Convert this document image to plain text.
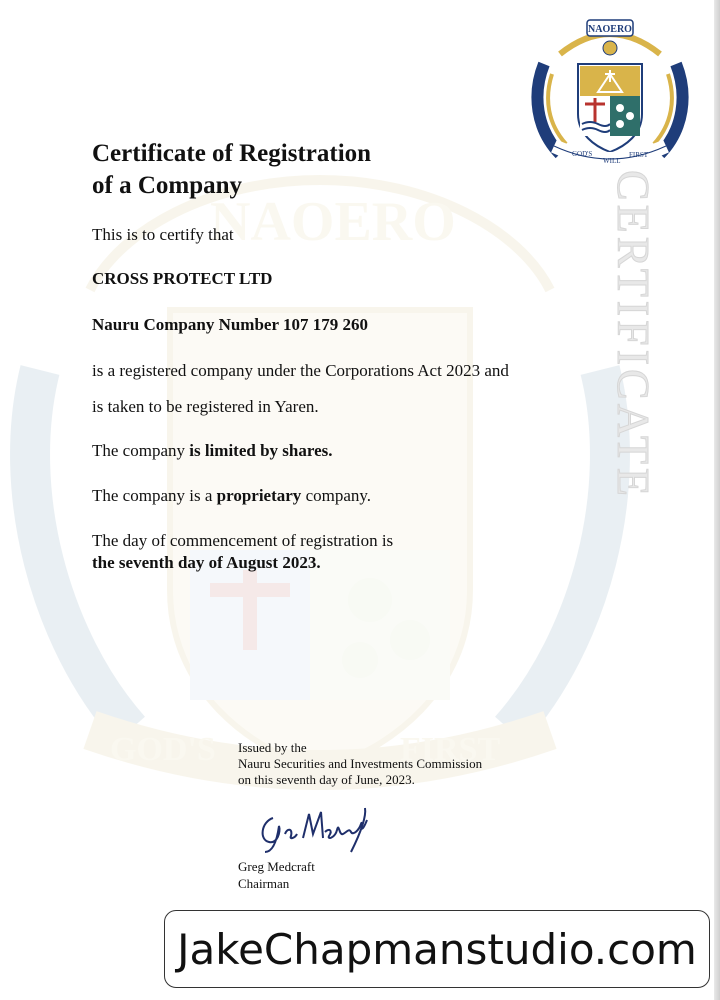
NAOERO
GOD'S	FIRST
CERTIFICATE
NAOERO
GOD'S
WILL
FIRST
Certificate of Registration
of a Company
This is to certify that
CROSS PROTECT LTD
Nauru Company Number 107 179 260
is a registered company under the Corporations Act 2023 and
is taken to be registered in Yaren.
The company is limited by shares.
The company is a proprietary company.
The day of commencement of registration is
the seventh day of August 2023.
Issued by the
Nauru Securities and Investments Commission
on this seventh day of June, 2023.
Greg Medcraft
Chairman
JakeChapmanstudio.com
